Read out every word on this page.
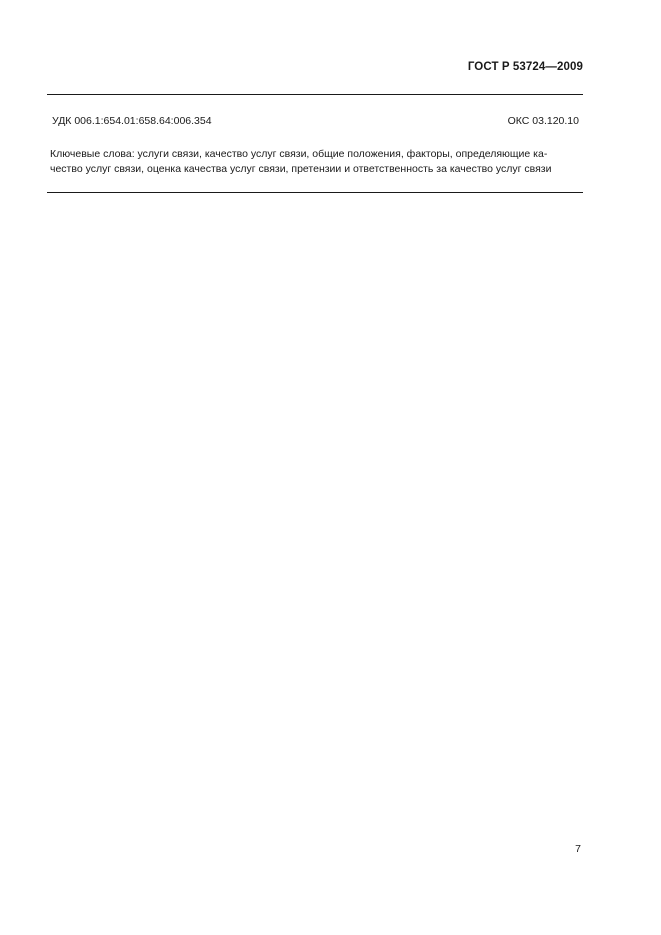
ГОСТ Р 53724—2009
УДК 006.1:654.01:658.64:006.354	ОКС 03.120.10
Ключевые слова: услуги связи, качество услуг связи, общие положения, факторы, определяющие ка-
чество услуг связи, оценка качества услуг связи, претензии и ответственность за качество услуг связи
7
